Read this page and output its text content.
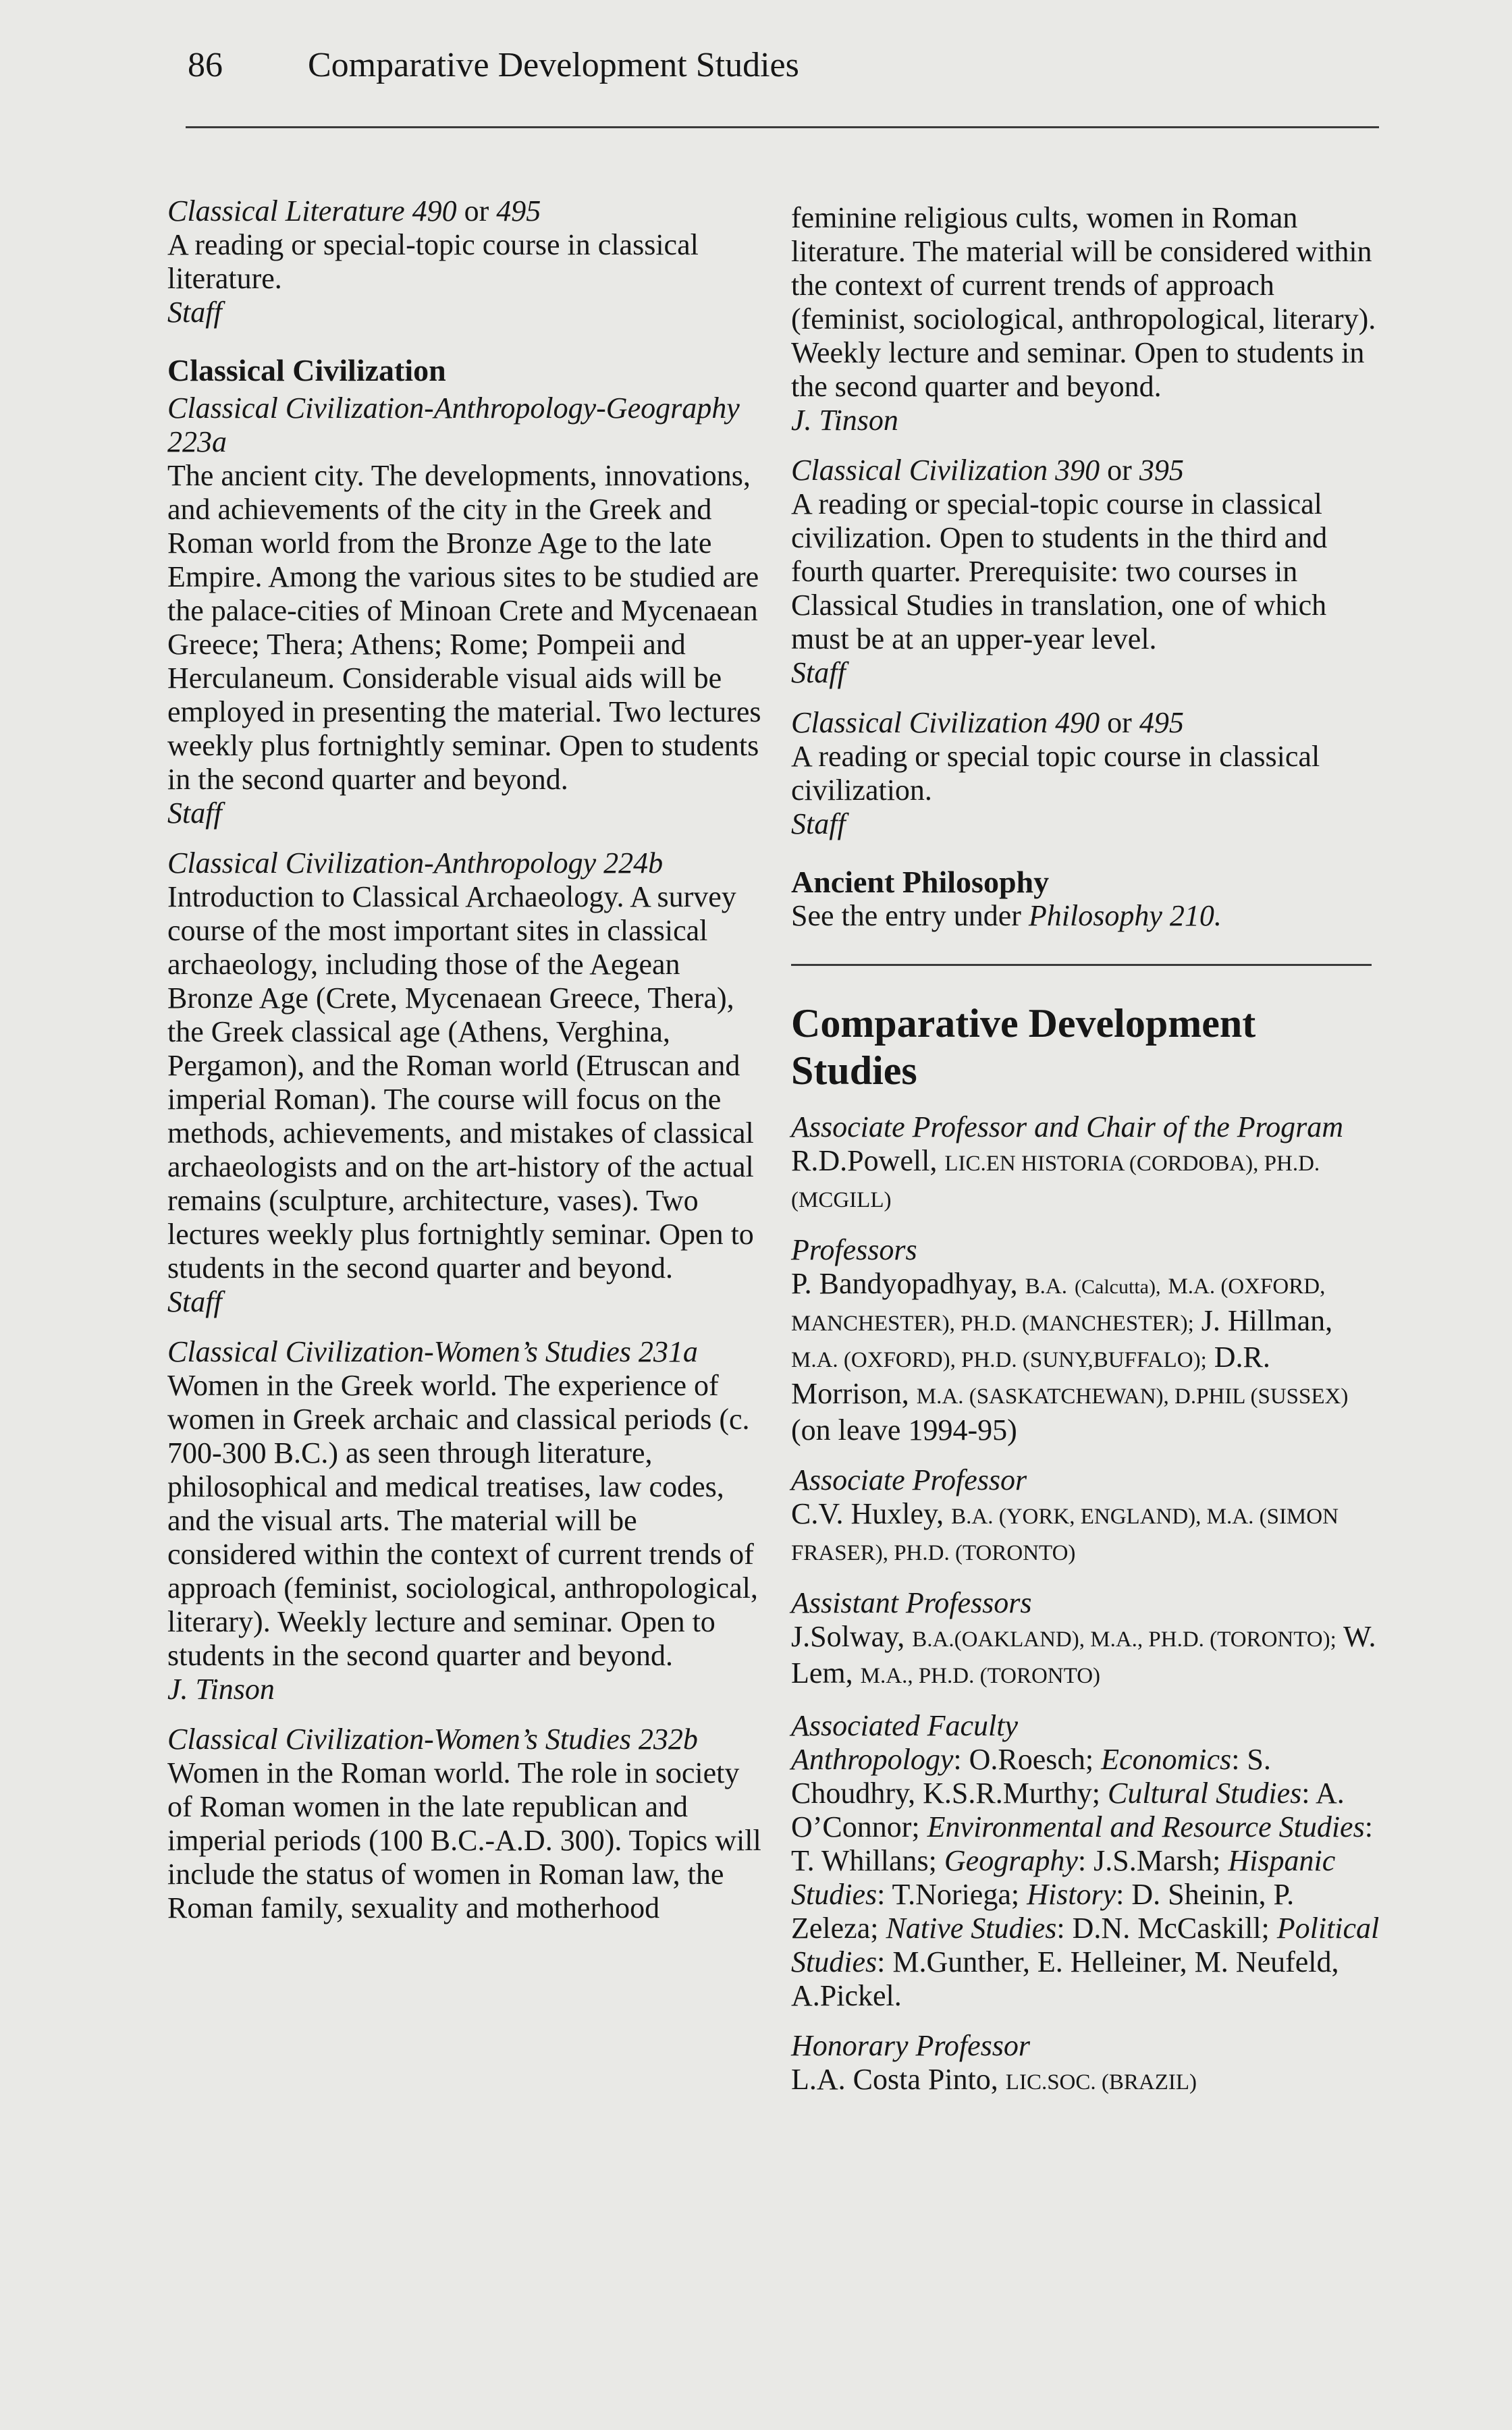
86 Comparative Development Studies

Classical Literature 490 or 495

A reading or special-topic course in classical literature.

Staff

Classical Civilization

Classical Civilization-Anthropology-Geography 223a

The ancient city. The developments, innovations, and achievements of the city in the Greek and Roman world from the Bronze Age to the late Empire. Among the various sites to be studied are the palace-cities of Minoan Crete and Mycenaean Greece; Thera; Athens; Rome; Pompeii and Herculaneum. Considerable visual aids will be employed in presenting the material. Two lectures weekly plus fortnightly seminar. Open to students in the second quarter and beyond.

Staff

Classical Civilization-Anthropology 224b

Introduction to Classical Archaeology. A survey course of the most important sites in classical archaeology, including those of the Aegean Bronze Age (Crete, Mycenaean Greece, Thera), the Greek classical age (Athens, Verghina, Pergamon), and the Roman world (Etruscan and imperial Roman). The course will focus on the methods, achievements, and mistakes of classical archaeologists and on the art-history of the actual remains (sculpture, architecture, vases). Two lectures weekly plus fortnightly seminar. Open to students in the second quarter and beyond.

Staff

Classical Civilization-Women’s Studies 231a

Women in the Greek world. The experience of women in Greek archaic and classical periods (c. 700-300 B.C.) as seen through literature, philosophical and medical treatises, law codes, and the visual arts. The material will be considered within the context of current trends of approach (feminist, sociological, anthropological, literary). Weekly lecture and seminar. Open to students in the second quarter and beyond.

J. Tinson

Classical Civilization-Women’s Studies 232b

Women in the Roman world. The role in society of Roman women in the late republican and imperial periods (100 B.C.-A.D. 300). Topics will include the status of women in Roman law, the Roman family, sexuality and motherhood

feminine religious cults, women in Roman literature. The material will be considered within the context of current trends of approach (feminist, sociological, anthropological, literary). Weekly lecture and seminar. Open to students in the second quarter and beyond.

J. Tinson

Classical Civilization 390 or 395

A reading or special-topic course in classical civilization. Open to students in the third and fourth quarter. Prerequisite: two courses in Classical Studies in translation, one of which must be at an upper-year level.

Staff

Classical Civilization 490 or 495

A reading or special topic course in classical civilization.

Staff

Ancient Philosophy

See the entry under Philosophy 210.

Comparative Development Studies

Associate Professor and Chair of the Program

R.D.Powell, LIC.EN HISTORIA (CORDOBA), PH.D. (MCGILL)

Professors

P. Bandyopadhyay, B.A. (Calcutta), M.A. (OXFORD, MANCHESTER), PH.D. (MANCHESTER); J. Hillman, M.A. (OXFORD), PH.D. (SUNY,BUFFALO); D.R. Morrison, M.A. (SASKATCHEWAN), D.PHIL (SUSSEX)

(on leave 1994-95)

Associate Professor

C.V. Huxley, B.A. (YORK, ENGLAND), M.A. (SIMON FRASER), PH.D. (TORONTO)

Assistant Professors

J.Solway, B.A.(OAKLAND), M.A., PH.D. (TORONTO); W. Lem, M.A., PH.D. (TORONTO)

Associated Faculty

Anthropology: O.Roesch; Economics: S. Choudhry, K.S.R.Murthy; Cultural Studies: A. O’Connor; Environmental and Resource Studies: T. Whillans; Geography: J.S.Marsh; Hispanic Studies: T.Noriega; History: D. Sheinin, P. Zeleza; Native Studies: D.N. McCaskill; Political Studies: M.Gunther, E. Helleiner, M. Neufeld, A.Pickel.

Honorary Professor

L.A. Costa Pinto, LIC.SOC. (BRAZIL)
